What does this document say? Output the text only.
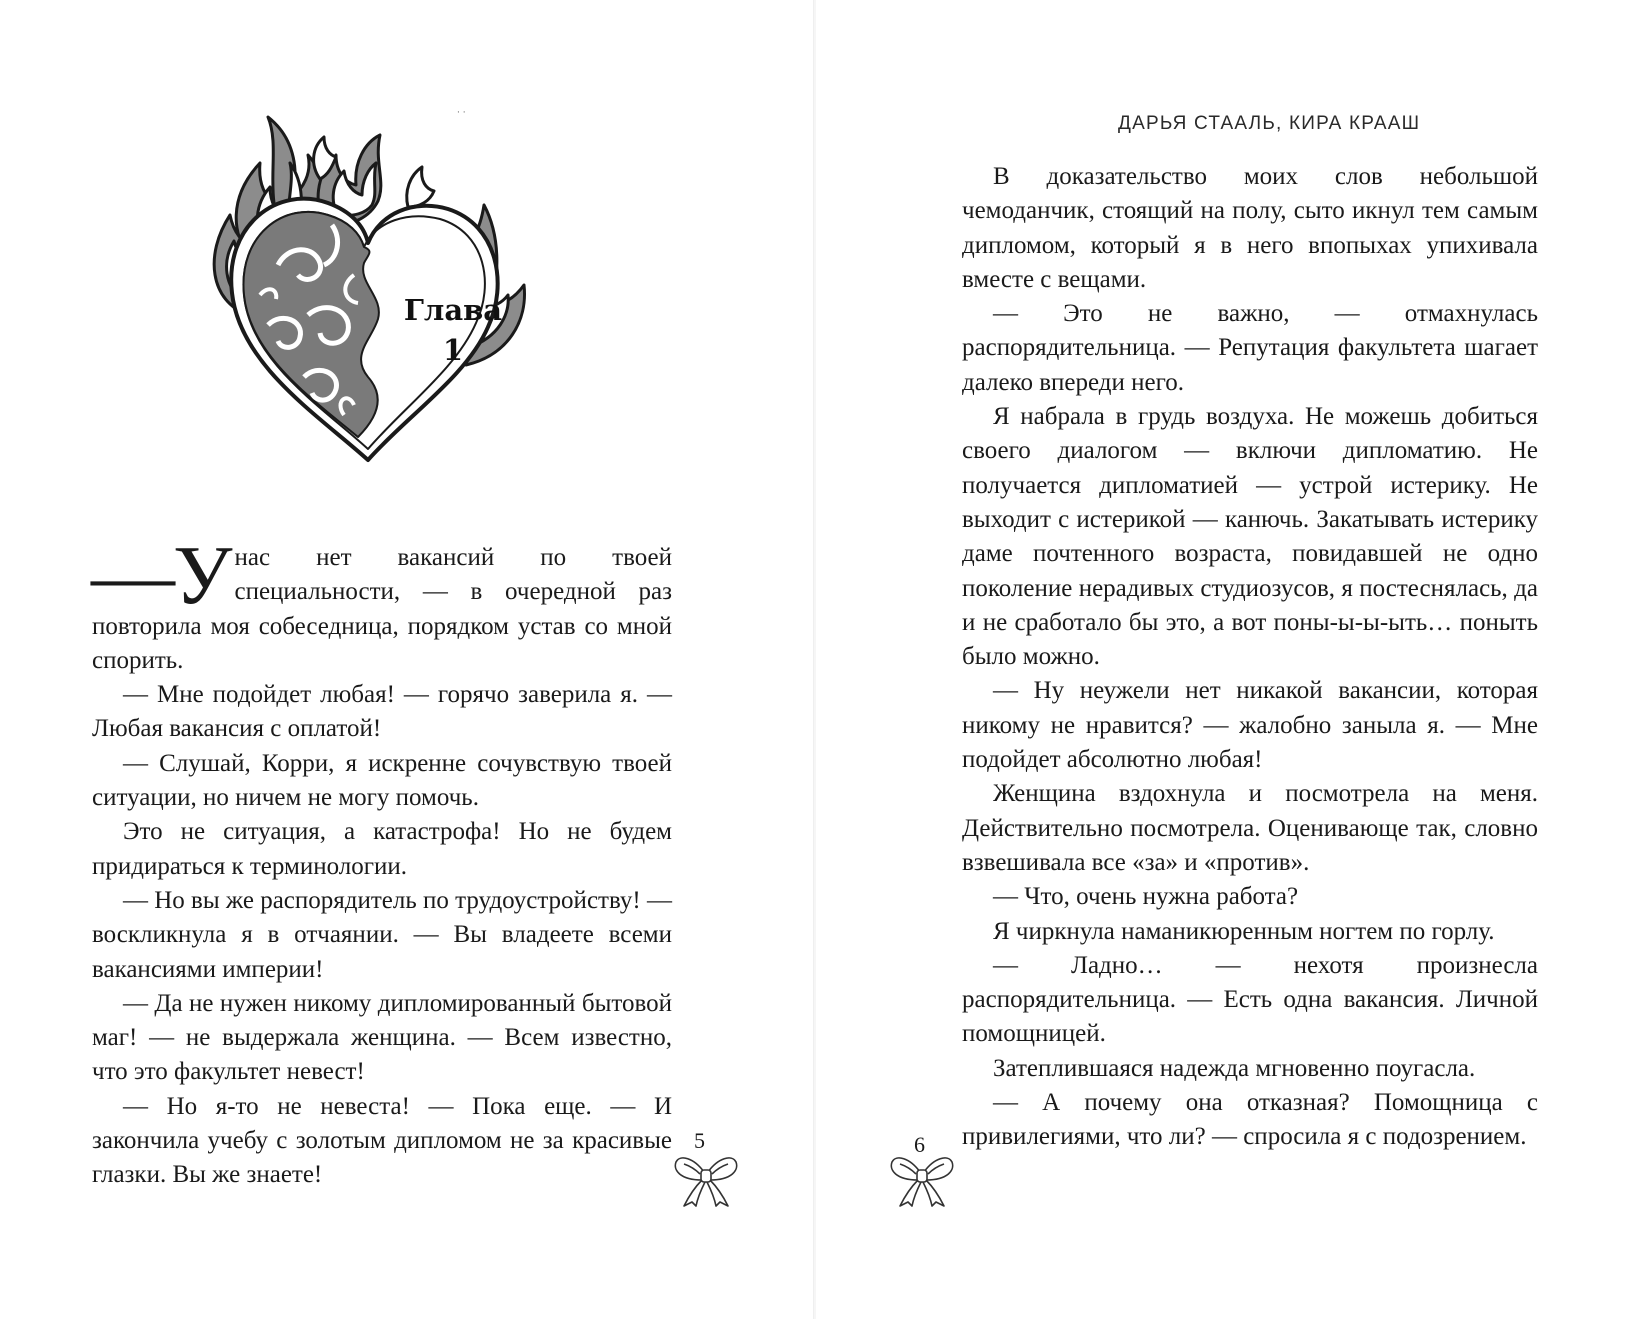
· ·
Глава
1

—У нас нет вакансий по твоей специальности, — в очередной раз повторила моя собеседница, порядком устав со мной спорить.

— Мне подойдет любая! — горячо заверила я. — Любая вакансия с оплатой!

— Слушай, Корри, я искренне сочувствую твоей ситуации, но ничем не могу помочь.

Это не ситуация, а катастрофа! Но не будем придираться к терминологии.

— Но вы же распорядитель по трудоустройству! — воскликнула я в отчаянии. — Вы владеете всеми вакансиями империи!

— Да не нужен никому дипломированный бытовой маг! — не выдержала женщина. — Всем известно, что это факультет невест!

— Но я-то не невеста! — Пока еще. — И закончила учебу с золотым дипломом не за красивые глазки. Вы же знаете!

5
ДАРЬЯ СТААЛЬ, КИРА КРААШ

В доказательство моих слов небольшой чемоданчик, стоящий на полу, сыто икнул тем самым дипломом, который я в него впопыхах упихивала вместе с вещами.

— Это не важно, — отмахнулась распорядительница. — Репутация факультета шагает далеко впереди него.

Я набрала в грудь воздуха. Не можешь добиться своего диалогом — включи дипломатию. Не получается дипломатией — устрой истерику. Не выходит с истерикой — канючь. Закатывать истерику даме почтенного возраста, повидавшей не одно поколение нерадивых студиозусов, я постеснялась, да и не сработало бы это, а вот поны-ы-ы-ыть… поныть было можно.

— Ну неужели нет никакой вакансии, которая никому не нравится? — жалобно заныла я. — Мне подойдет абсолютно любая!

Женщина вздохнула и посмотрела на меня. Действительно посмотрела. Оценивающе так, словно взвешивала все «за» и «против».

— Что, очень нужна работа?

Я чиркнула наманикюренным ногтем по горлу.

— Ладно… — нехотя произнесла распорядительница. — Есть одна вакансия. Личной помощницей.

Затеплившаяся надежда мгновенно поугасла.

— А почему она отказная? Помощница с привилегиями, что ли? — спросила я с подозрением.

6
